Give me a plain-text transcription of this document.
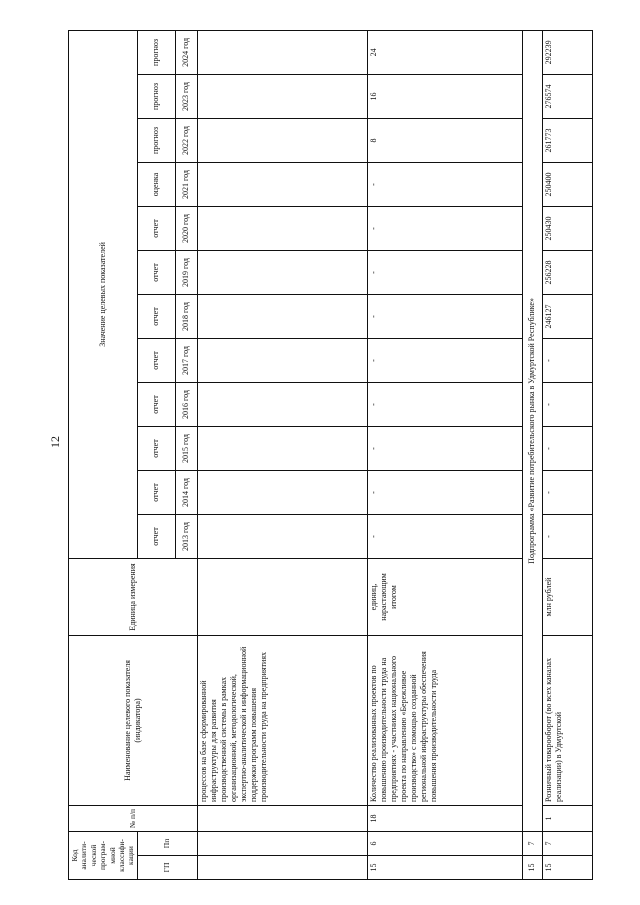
12
Код аналити-ческой програм-мной классифи-кации		№ п/п	Наименование целевого показателя (индикатора)	Единица измерения	Значение целевых показателей											
ГП	Пп				отчет	отчет	отчет	отчет	отчет	отчет	отчет	отчет	оценка	прогноз	прогноз	прогноз
					2013 год	2014 год	2015 год	2016 год	2017 год	2018 год	2019 год	2020 год	2021 год	2022 год	2023 год	2024 год
			процессов на базе сформированной инфраструктуры для развития производственной системы в рамках организационной, методологической, экспертно-аналитической и информационной поддержки программ повышения производительности труда на предприятиях													
15	6	18	Количество реализованных проектов по повышению производительности труда на предприятиях - участниках национального проекта по направлению «Бережливое производство» с помощью созданной региональной инфраструктуры обеспечения повышения производительности труда	единиц, нарастающим итогом	-	-	-	-	-	-	-	-	-	8	16	24
15	7	Подпрограмма «Развитие потребительского рынка в Удмуртской Республике»														
15	7	1	Розничный товарооборот (во всех каналах реализации) в Удмуртской	млн рублей	-	-	-	-	-	246127	256228	250430	250400	261773	276574	292239
